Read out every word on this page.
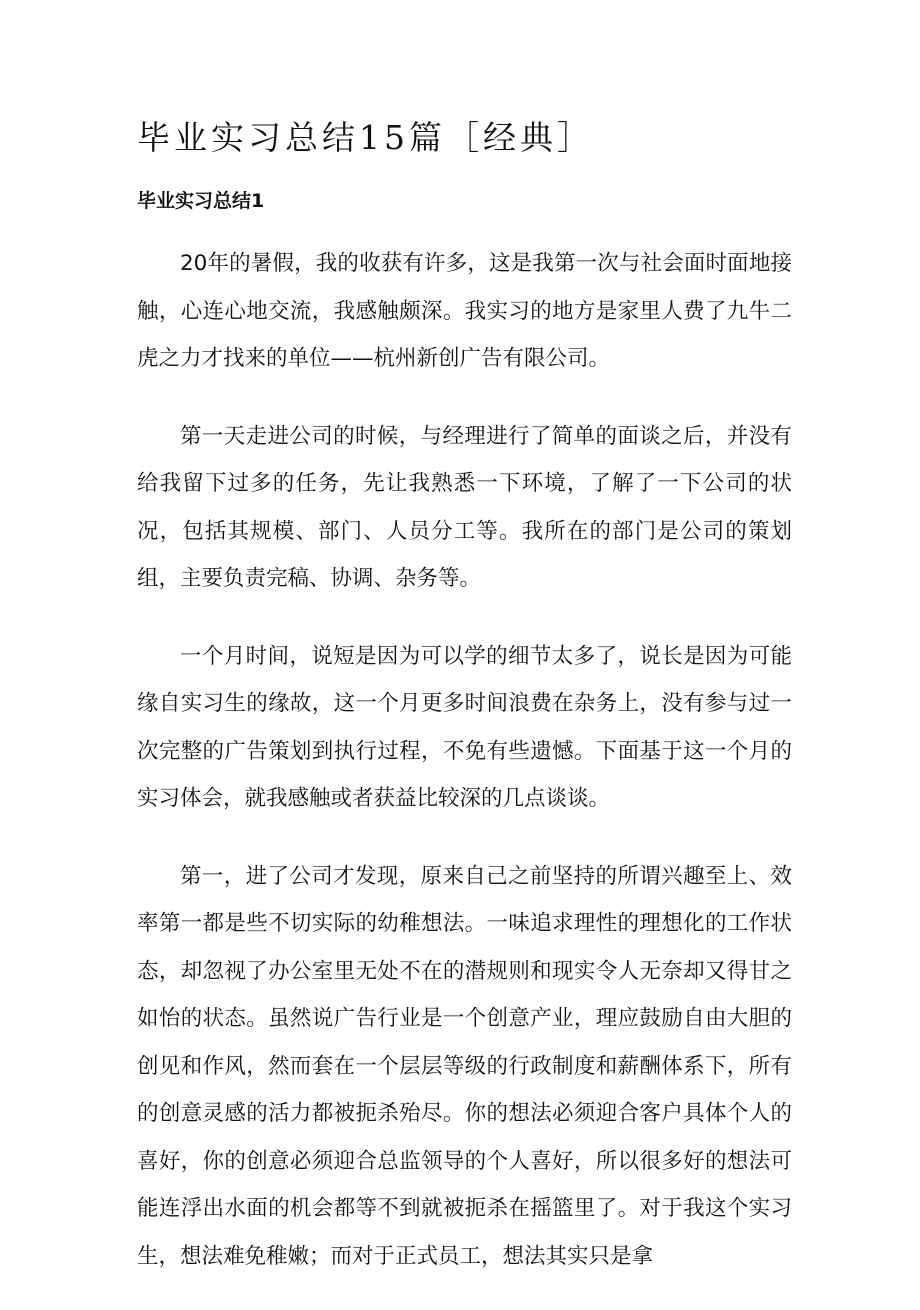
毕业实习总结15篇［经典］
毕业实习总结1

20年的暑假，我的收获有许多，这是我第一次与社会面时面地接触，心连心地交流，我感触颇深。我实习的地方是家里人费了九牛二虎之力才找来的单位——杭州新创广告有限公司。

第一天走进公司的时候，与经理进行了简单的面谈之后，并没有给我留下过多的任务，先让我熟悉一下环境，了解了一下公司的状况，包括其规模、部门、人员分工等。我所在的部门是公司的策划组，主要负责完稿、协调、杂务等。

一个月时间，说短是因为可以学的细节太多了，说长是因为可能缘自实习生的缘故，这一个月更多时间浪费在杂务上，没有参与过一次完整的广告策划到执行过程，不免有些遗憾。下面基于这一个月的实习体会，就我感触或者获益比较深的几点谈谈。

第一，进了公司才发现，原来自己之前坚持的所谓兴趣至上、效率第一都是些不切实际的幼稚想法。一味追求理性的理想化的工作状态，却忽视了办公室里无处不在的潜规则和现实令人无奈却又得甘之如怡的状态。虽然说广告行业是一个创意产业，理应鼓励自由大胆的创见和作风，然而套在一个层层等级的行政制度和薪酬体系下，所有的创意灵感的活力都被扼杀殆尽。你的想法必须迎合客户具体个人的喜好，你的创意必须迎合总监领导的个人喜好，所以很多好的想法可能连浮出水面的机会都等不到就被扼杀在摇篮里了。对于我这个实习生，想法难免稚嫩；而对于正式员工，想法其实只是拿
